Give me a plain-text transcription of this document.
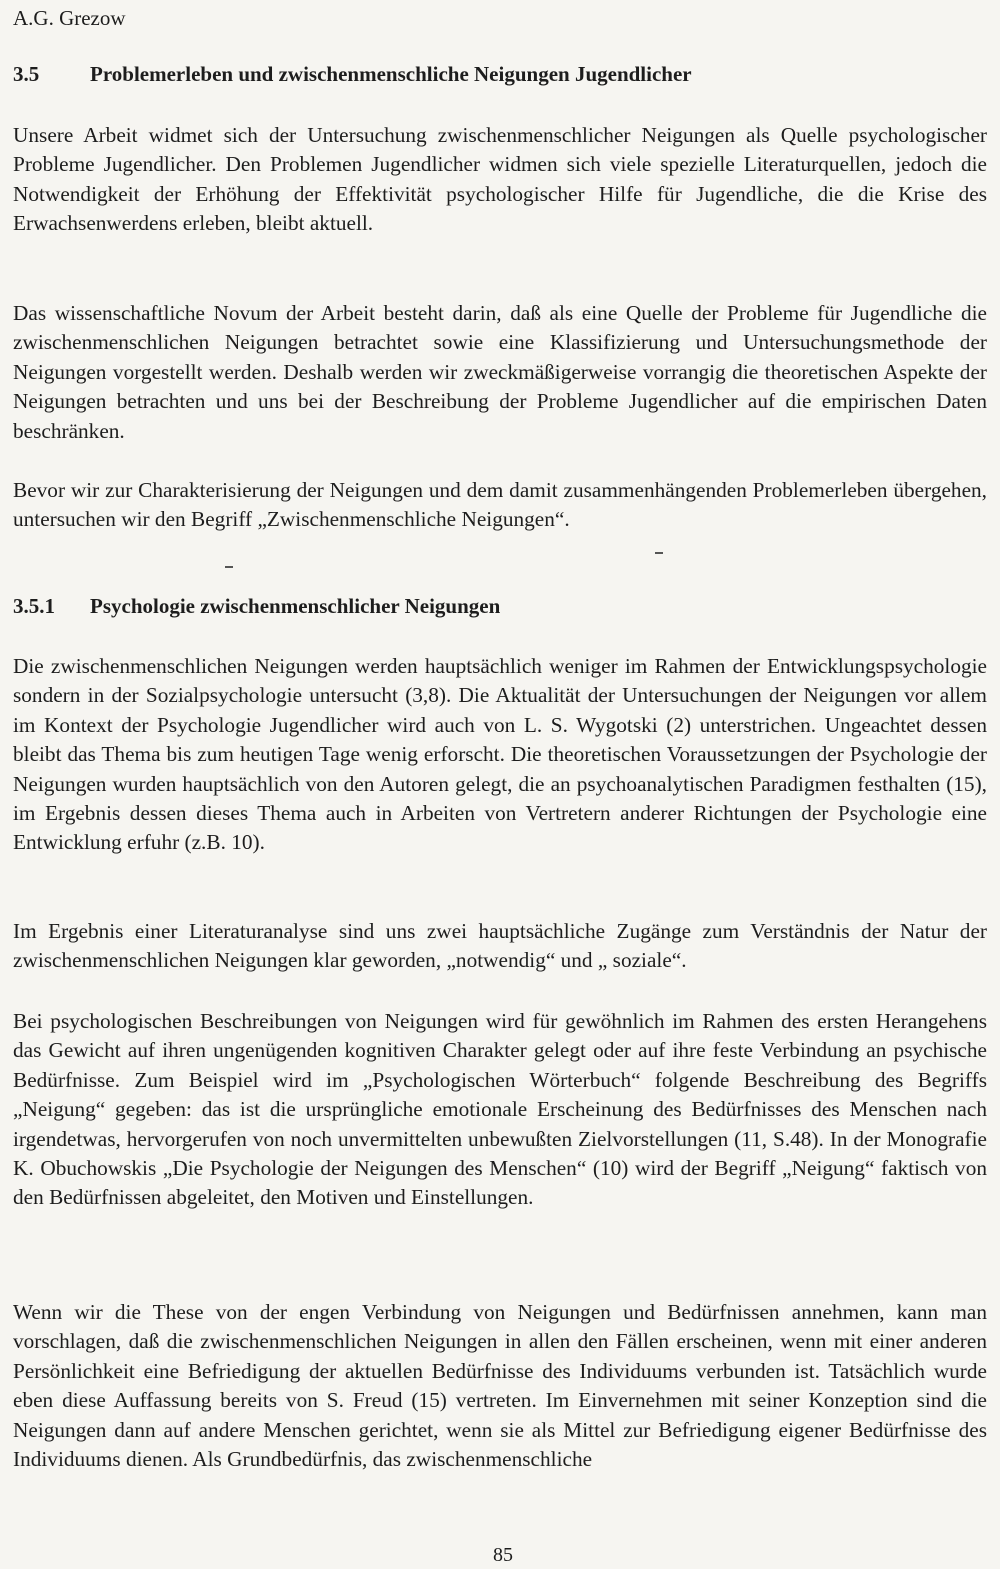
A.G. Grezow
3.5 Problemerleben und zwischenmenschliche Neigungen Jugendlicher

Unsere Arbeit widmet sich der Untersuchung zwischenmenschlicher Neigungen als Quelle psychologischer Probleme Jugendlicher. Den Problemen Jugendlicher widmen sich viele spezielle Literaturquellen, jedoch die Notwendigkeit der Erhöhung der Effektivität psychologischer Hilfe für Jugendliche, die die Krise des Erwachsenwerdens erleben, bleibt aktuell.

Das wissenschaftliche Novum der Arbeit besteht darin, daß als eine Quelle der Probleme für Jugendliche die zwischenmenschlichen Neigungen betrachtet sowie eine Klassifizierung und Untersuchungsmethode der Neigungen vorgestellt werden. Deshalb werden wir zweckmäßigerweise vorrangig die theoretischen Aspekte der Neigungen betrachten und uns bei der Beschreibung der Probleme Jugendlicher auf die empirischen Daten beschränken.

Bevor wir zur Charakterisierung der Neigungen und dem damit zusammenhängenden Problemerleben übergehen, untersuchen wir den Begriff „Zwischenmenschliche Neigungen“.

3.5.1 Psychologie zwischenmenschlicher Neigungen

Die zwischenmenschlichen Neigungen werden hauptsächlich weniger im Rahmen der Entwicklungspsychologie sondern in der Sozialpsychologie untersucht (3,8). Die Aktualität der Untersuchungen der Neigungen vor allem im Kontext der Psychologie Jugendlicher wird auch von L. S. Wygotski (2) unterstrichen. Ungeachtet dessen bleibt das Thema bis zum heutigen Tage wenig erforscht. Die theoretischen Voraussetzungen der Psychologie der Neigungen wurden hauptsächlich von den Autoren gelegt, die an psychoanalytischen Paradigmen festhalten (15), im Ergebnis dessen dieses Thema auch in Arbeiten von Vertretern anderer Richtungen der Psychologie eine Entwicklung erfuhr (z.B. 10).

Im Ergebnis einer Literaturanalyse sind uns zwei hauptsächliche Zugänge zum Verständnis der Natur der zwischenmenschlichen Neigungen klar geworden, „notwendig“ und „ soziale“.

Bei psychologischen Beschreibungen von Neigungen wird für gewöhnlich im Rahmen des ersten Herangehens das Gewicht auf ihren ungenügenden kognitiven Charakter gelegt oder auf ihre feste Verbindung an psychische Bedürfnisse. Zum Beispiel wird im „Psychologischen Wörterbuch“ folgende Beschreibung des Begriffs „Neigung“ gegeben: das ist die ursprüngliche emotionale Erscheinung des Bedürfnisses des Menschen nach irgendetwas, hervorgerufen von noch unvermittelten unbewußten Zielvorstellungen (11, S.48). In der Monografie K. Obuchowskis „Die Psychologie der Neigungen des Menschen“ (10) wird der Begriff „Neigung“ faktisch von den Bedürfnissen abgeleitet, den Motiven und Einstellungen.

Wenn wir die These von der engen Verbindung von Neigungen und Bedürfnissen annehmen, kann man vorschlagen, daß die zwischenmenschlichen Neigungen in allen den Fällen erscheinen, wenn mit einer anderen Persönlichkeit eine Befriedigung der aktuellen Bedürfnisse des Individuums verbunden ist. Tatsächlich wurde eben diese Auffassung bereits von S. Freud (15) vertreten. Im Einvernehmen mit seiner Konzeption sind die Neigungen dann auf andere Menschen gerichtet, wenn sie als Mittel zur Befriedigung eigener Bedürfnisse des Individuums dienen. Als Grundbedürfnis, das zwischenmenschliche

85
